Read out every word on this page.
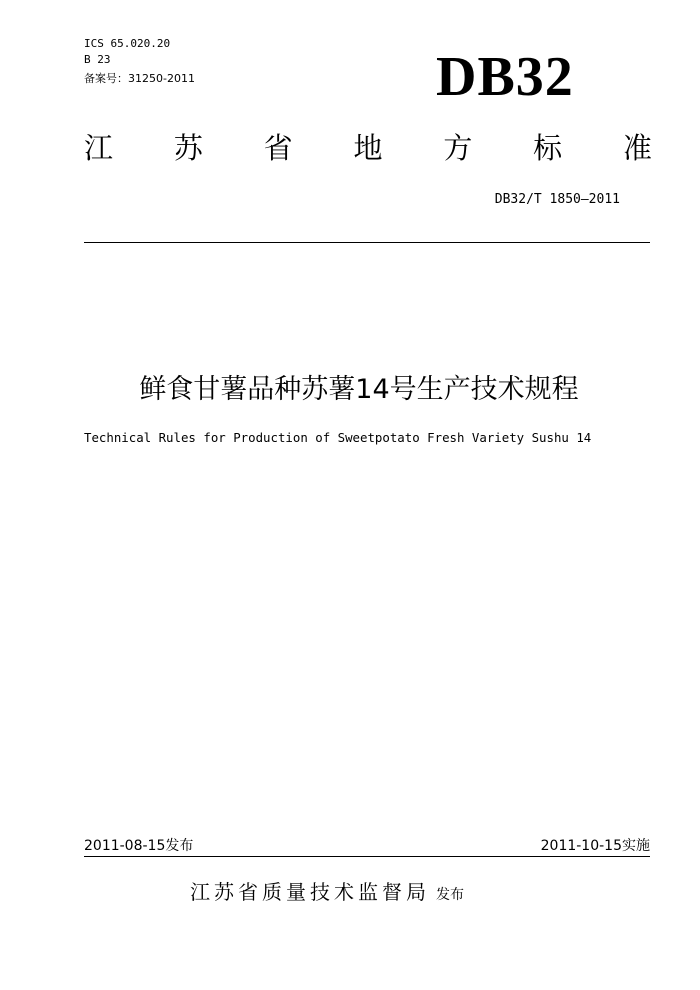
ICS 65.020.20
B 23
备案号：31250-2011	DB32
江 苏 省 地 方 标 准
DB32/T 1850—2011
鲜食甘薯品种苏薯14号生产技术规程
Technical Rules for Production of Sweetpotato Fresh Variety Sushu 14
2011-08-15发布	2011-10-15实施
江苏省质量技术监督局 发布
